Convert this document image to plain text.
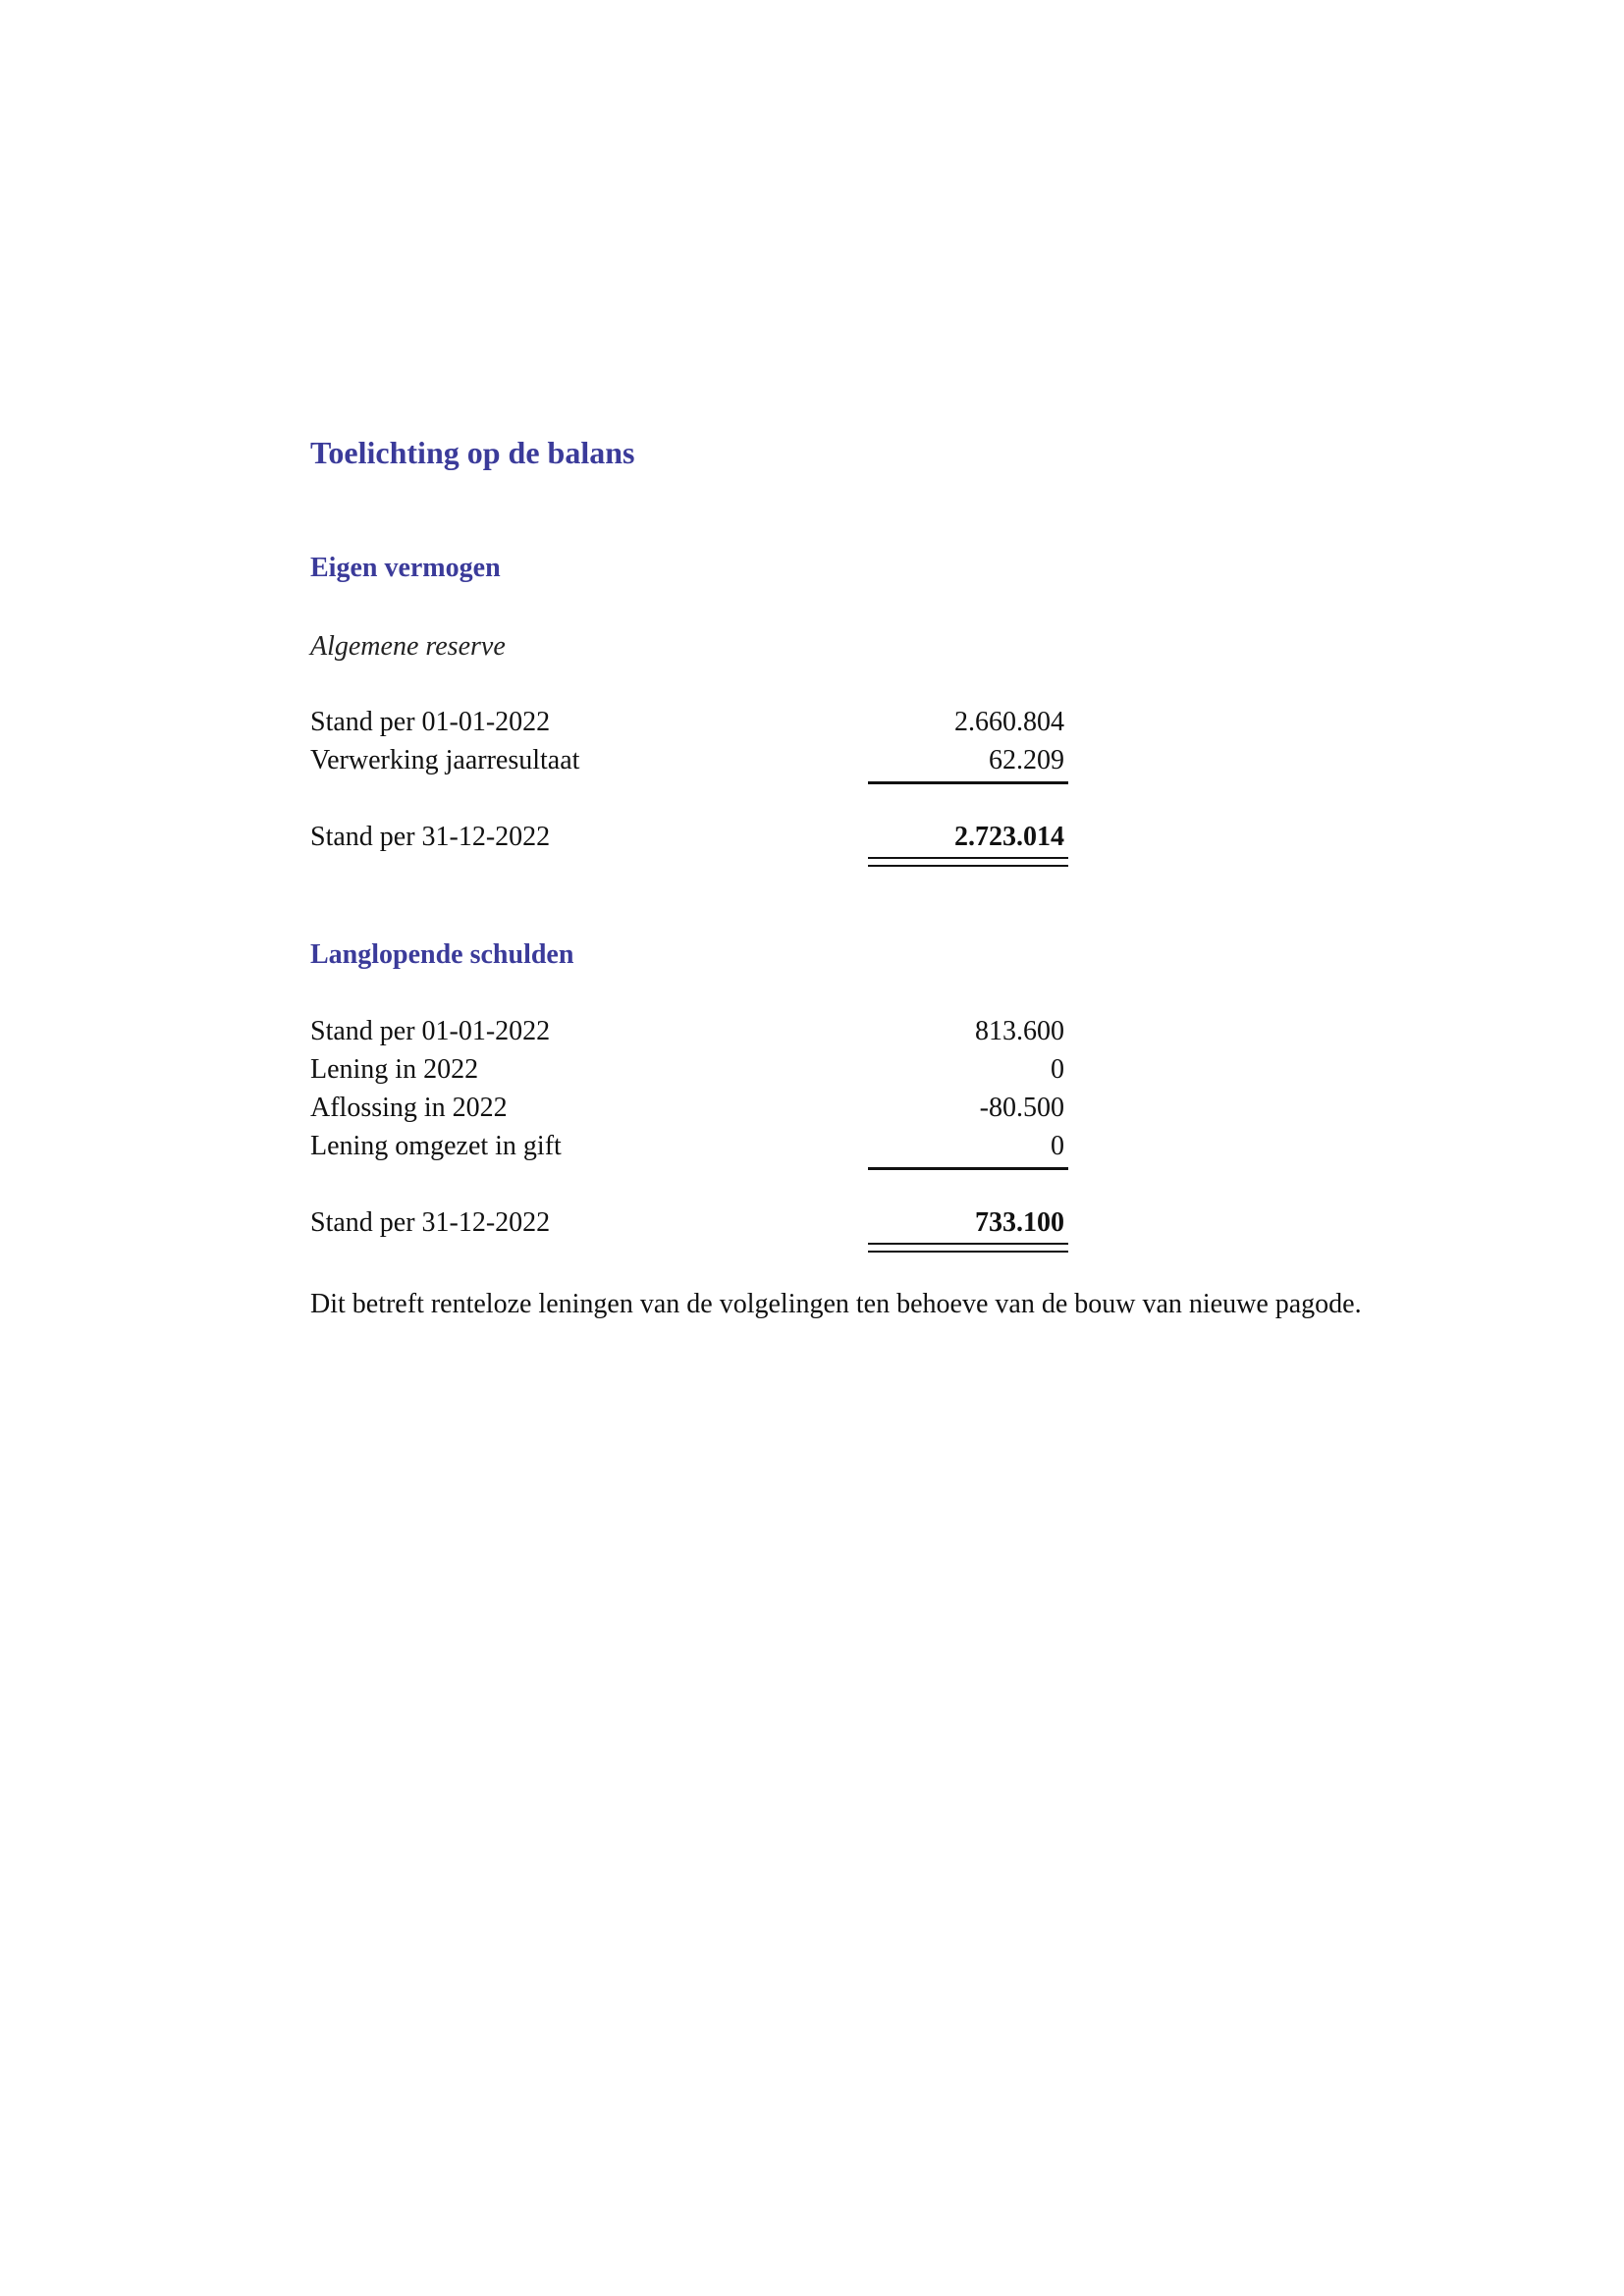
Toelichting op de balans
Eigen vermogen
Algemene reserve
Stand per 01-01-2022	2.660.804
Verwerking jaarresultaat	62.209
Stand per 31-12-2022	2.723.014
Langlopende schulden
Stand per 01-01-2022	813.600
Lening in 2022	0
Aflossing in 2022	-80.500
Lening omgezet in gift	0
Stand per 31-12-2022	733.100
Dit betreft renteloze leningen van de volgelingen ten behoeve van de bouw van nieuwe pagode.
